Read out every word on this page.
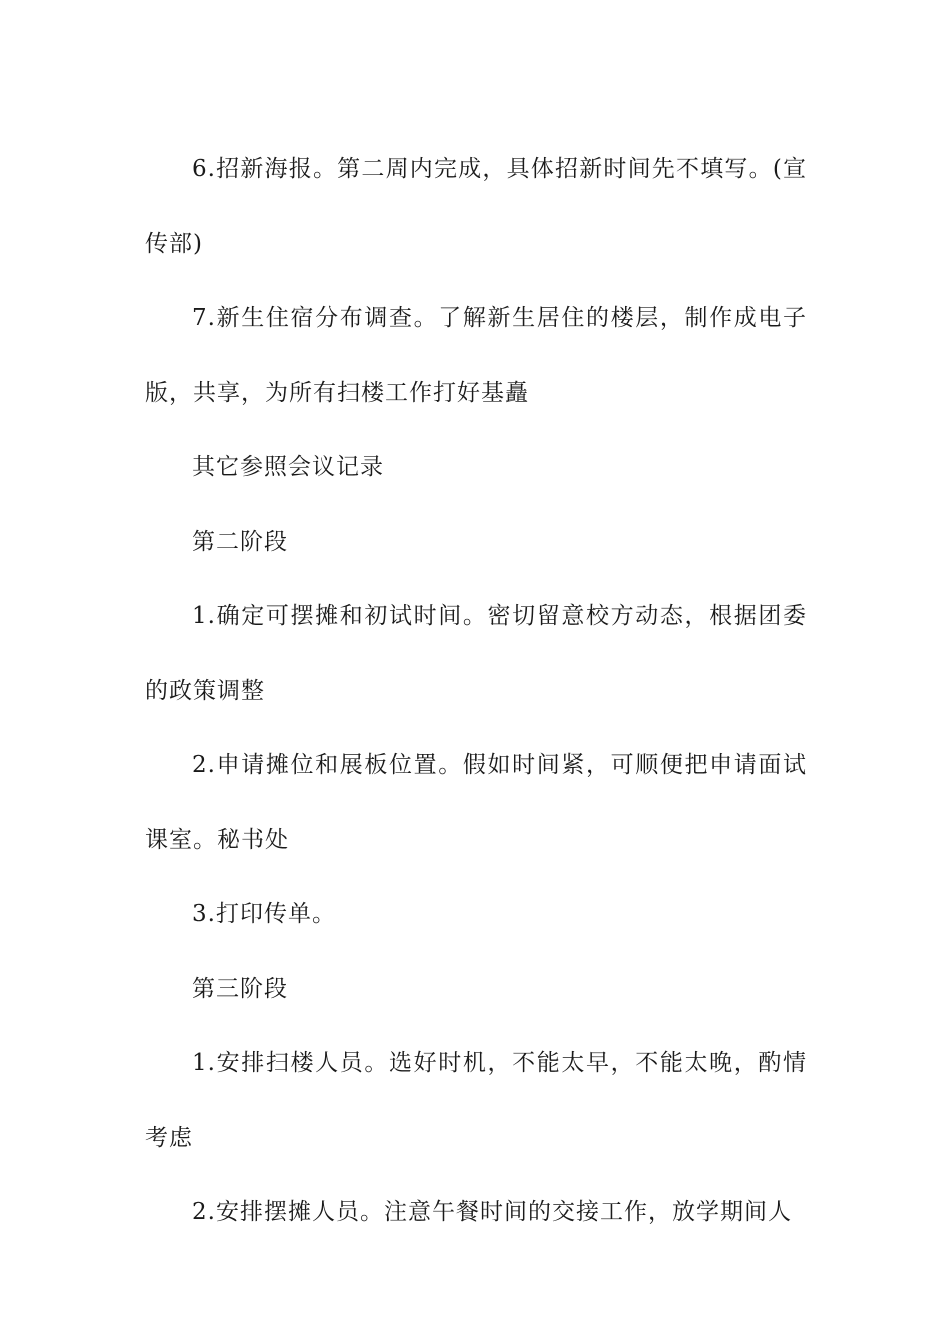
6.招新海报。第二周内完成，具体招新时间先不填写。(宣传部)

7.新生住宿分布调查。了解新生居住的楼层，制作成电子版，共享，为所有扫楼工作打好基矗

其它参照会议记录

第二阶段

1.确定可摆摊和初试时间。密切留意校方动态，根据团委的政策调整

2.申请摊位和展板位置。假如时间紧，可顺便把申请面试课室。秘书处

3.打印传单。

第三阶段

1.安排扫楼人员。选好时机，不能太早，不能太晚，酌情考虑

2.安排摆摊人员。注意午餐时间的交接工作，放学期间人
